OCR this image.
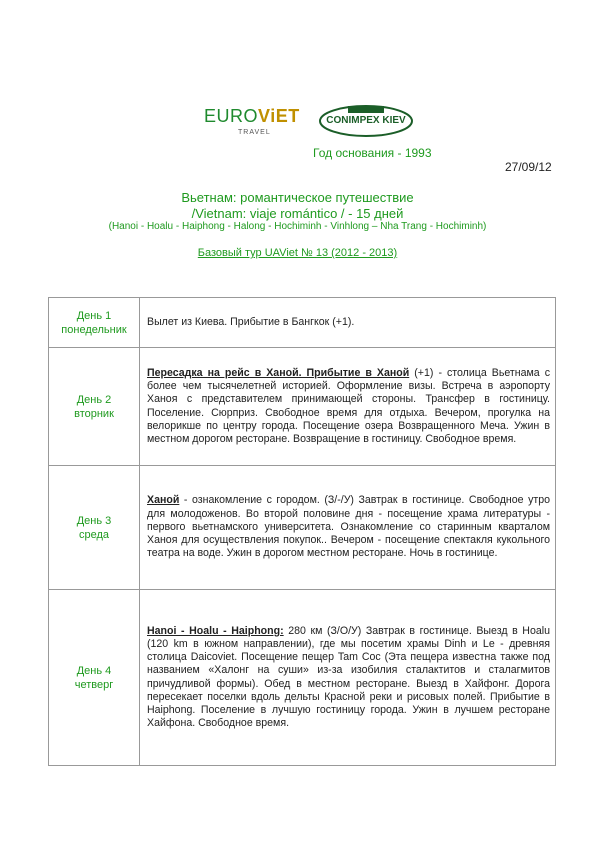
EUROViET
TRAVEL
CONIMPEX KIEV
Год основания - 1993
27/09/12
Вьетнам: романтическое путешествие
/Vietnam: viaje romántico / - 15 дней
(Hanoi - Hoalu - Haiphong - Halong - Hochiminh - Vinhlong – Nha Trang - Hochiminh)
Базовый тур UAViet № 13 (2012 - 2013)
День 1
понедельник	Вылет из Киева. Прибытие в Бангкок (+1).

День 2
вторник	Пересадка на рейс в Ханой. Прибытие в Ханой (+1) - столица Вьетнама с более чем тысячелетней историей. Оформление визы. Встреча в аэропорту Ханоя с представителем принимающей стороны. Трансфер в гостиницу. Поселение. Сюрприз. Свободное время для отдыха. Вечером, прогулка на велорикше по центру города. Посещение озера Возвращенного Меча. Ужин в местном дорогом ресторане. Возвращение в гостиницу. Свободное время.

День 3
среда	Ханой - ознакомление с городом. (З/-/У) Завтрак в гостинице. Свободное утро для молодоженов. Во второй половине дня - посещение храма литературы - первого вьетнамского университета. Ознакомление со старинным кварталом Ханоя для осуществления покупок.. Вечером - посещение спектакля кукольного театра на воде. Ужин в дорогом местном ресторане. Ночь в гостинице.

День 4
четверг	Hanoi - Hoalu - Haiphong: 280 км (З/О/У) Завтрак в гостинице. Выезд в Hoalu (120 km в южном направлении), где мы посетим храмы Dinh и Le - древняя столица Daicoviet. Посещение пещер Tam Coc (Эта пещера известна также под названием «Халонг на суши» из-за изобилия сталактитов и сталагмитов причудливой формы). Обед в местном ресторане. Выезд в Хайфонг. Дорога пересекает поселки вдоль дельты Красной реки и рисовых полей. Прибытие в Haiphong. Поселение в лучшую гостиницу города. Ужин в лучшем ресторане Хайфона. Свободное время.
